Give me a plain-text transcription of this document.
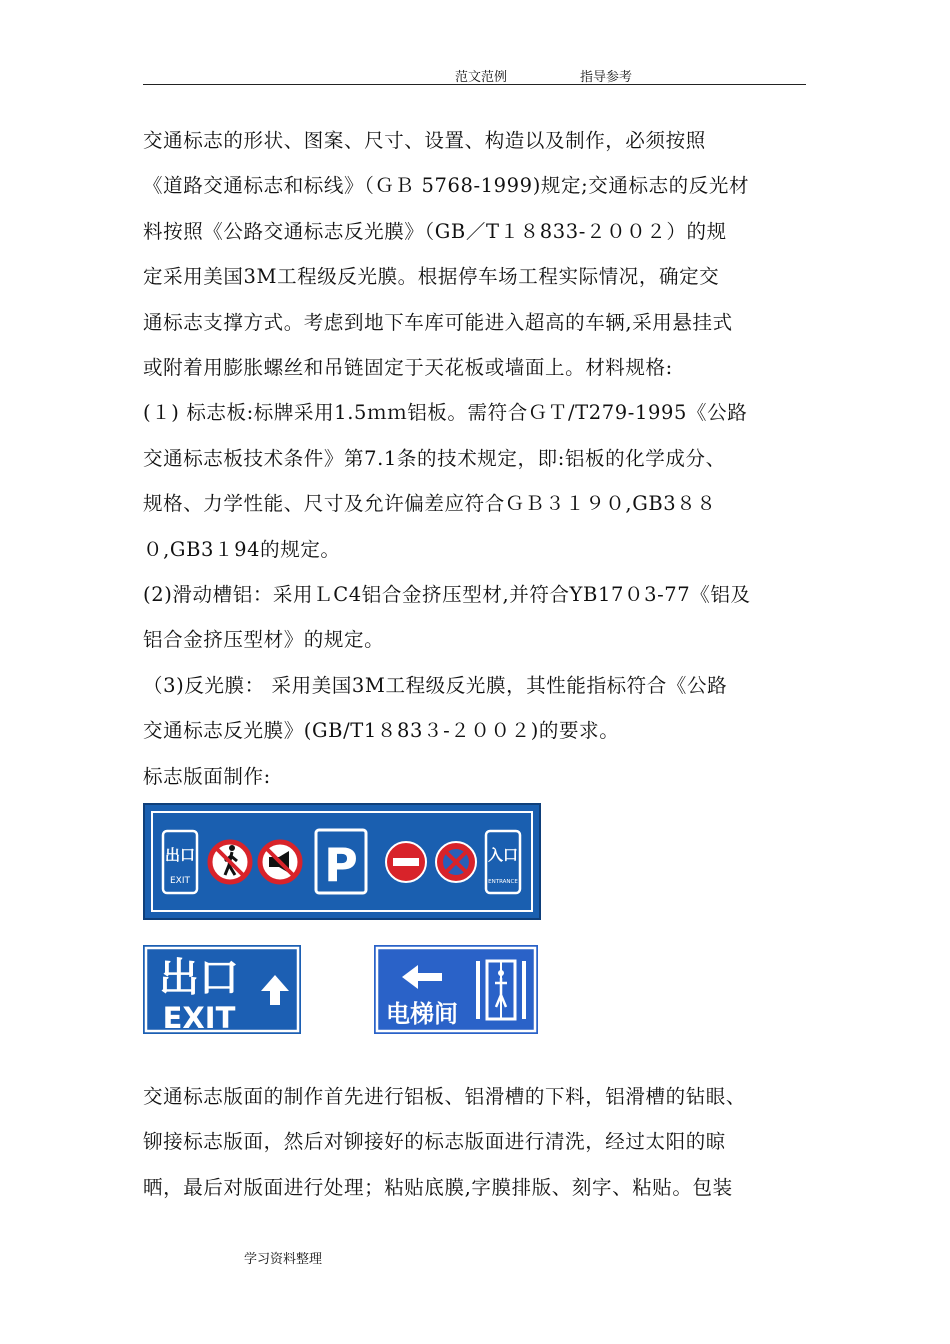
范文范例	指导参考

交通标志的形状、图案、尺寸、设置、构造以及制作，必须按照

《道路交通标志和标线》（ＧＢ 5768-1999)规定;交通标志的反光材

料按照《公路交通标志反光膜》（GB／T１８833-２００２）的规

定采用美国3M工程级反光膜。根据停车场工程实际情况，确定交

通标志支撑方式。考虑到地下车库可能进入超高的车辆,采用悬挂式

或附着用膨胀螺丝和吊链固定于天花板或墙面上。材料规格:

(１) 标志板:标牌采用1.5ｍｍ铝板。需符合ＧＴ/T279-1995《公路

交通标志板技术条件》第7.1条的技术规定，即:铝板的化学成分、

规格、力学性能、尺寸及允许偏差应符合ＧＢ３１９０,GB3８８

０,GB3１94的规定。

(2)滑动槽铝：采用ＬC4铝合金挤压型材,并符合YB17０3-77《铝及

铝合金挤压型材》的规定。

（3)反光膜： 采用美国3M工程级反光膜，其性能指标符合《公路

交通标志反光膜》(GB/T1８83３-２００２)的要求。

标志版面制作:

出口
EXIT	P	入口
ENTRANCE
出口
EXIT	电梯间

交通标志版面的制作首先进行铝板、铝滑槽的下料，铝滑槽的钻眼、

铆接标志版面，然后对铆接好的标志版面进行清洗，经过太阳的晾

晒，最后对版面进行处理；粘贴底膜,字膜排版、刻字、粘贴。包装

学习资料整理
